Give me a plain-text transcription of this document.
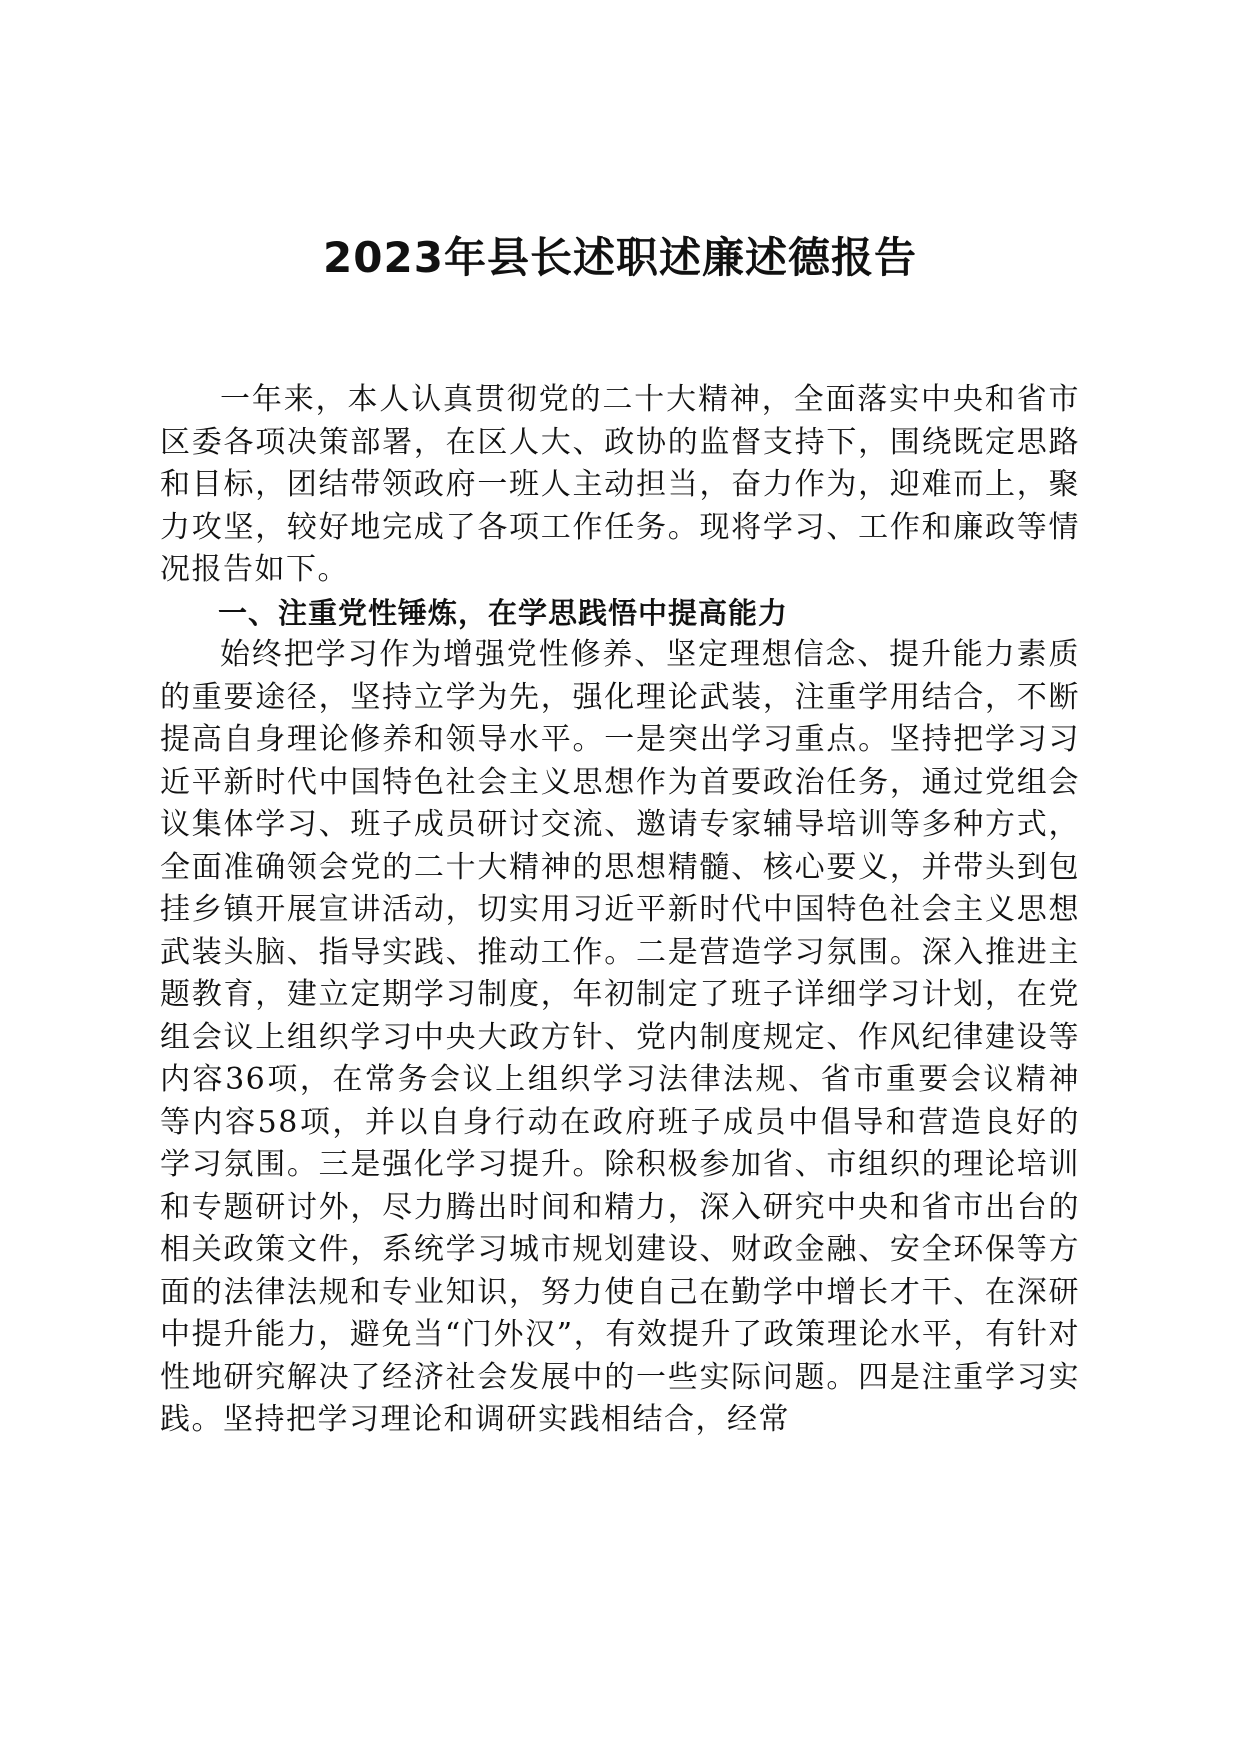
2023年县长述职述廉述德报告

一年来，本人认真贯彻党的二十大精神，全面落实中央和省市区委各项决策部署，在区人大、政协的监督支持下，围绕既定思路和目标，团结带领政府一班人主动担当，奋力作为，迎难而上，聚力攻坚，较好地完成了各项工作任务。现将学习、工作和廉政等情况报告如下。

一、注重党性锤炼，在学思践悟中提高能力

始终把学习作为增强党性修养、坚定理想信念、提升能力素质的重要途径，坚持立学为先，强化理论武装，注重学用结合，不断提高自身理论修养和领导水平。一是突出学习重点。坚持把学习习近平新时代中国特色社会主义思想作为首要政治任务，通过党组会议集体学习、班子成员研讨交流、邀请专家辅导培训等多种方式，全面准确领会党的二十大精神的思想精髓、核心要义，并带头到包挂乡镇开展宣讲活动，切实用习近平新时代中国特色社会主义思想武装头脑、指导实践、推动工作。二是营造学习氛围。深入推进主题教育，建立定期学习制度，年初制定了班子详细学习计划，在党组会议上组织学习中央大政方针、党内制度规定、作风纪律建设等内容36项，在常务会议上组织学习法律法规、省市重要会议精神等内容58项，并以自身行动在政府班子成员中倡导和营造良好的学习氛围。三是强化学习提升。除积极参加省、市组织的理论培训和专题研讨外，尽力腾出时间和精力，深入研究中央和省市出台的相关政策文件，系统学习城市规划建设、财政金融、安全环保等方面的法律法规和专业知识，努力使自己在勤学中增长才干、在深研中提升能力，避免当“门外汉”，有效提升了政策理论水平，有针对性地研究解决了经济社会发展中的一些实际问题。四是注重学习实践。坚持把学习理论和调研实践相结合，经常
